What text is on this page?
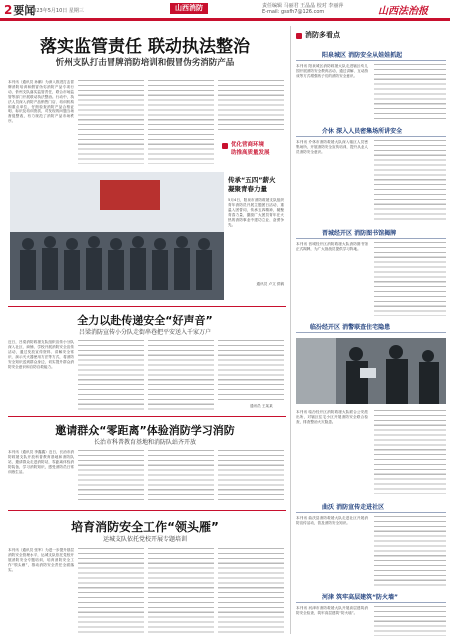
2要闻
2023年5月10日 星期三	山西消防	责任编辑 马丽君 王晶晶 校对 李丽萍
E-mail: gssfh7@126.com	山西法治报
落实监管责任 联动执法整治
忻州支队打击冒牌消防培训和假冒伪劣消防产品
本刊讯（通讯员 孙鹏）为深入推进打击冒牌消防培训和假冒伪劣消防产品专项行动，忻州支队落实监管责任，联合市场监管等部门开展联动执法整治。行动中，执法人员深入消防产品销售门店、培训机构和重点单位，仔细检查消防产品合格证明、标识及培训资质，对发现的问题当场督促整改，有力规范了消防产品市场秩序。
优化营商环境
助推高质量发展
传承“五四”薪火
凝聚青春力量
5月4日，阳泉市消防救援支队组织青年消防员开展主题团日活动，重温入团誓词，传承五四精神，凝聚青春力量，激励广大团员青年在火热的消防事业中建功立业、奋勇争先。
通讯员 卢文 供稿
全力以赴传递安全“好声音”
吕梁消防宣传小分队走街串巷把平安送入千家万户
近日，吕梁消防救援支队组织宣传小分队深入社区、商铺、学校开展消防安全宣传活动，通过发放宣传资料、讲解安全常识、演示灭火器使用方法等方式，将消防安全知识送到群众身边，切实提升群众消防安全意识和自防自救能力。
通讯员 王某某
邀请群众“零距离”体验消防学习消防
长治市科普教育基地和消防队站齐开放
本刊讯（通讯员 李鑫鑫）近日，长治市消防救援支队开放科普教育基地和消防队站，邀请群众走进消防站，零距离体验消防装备，学习消防知识，感受消防员日常训练生活。
培育消防安全工作“领头雁”
运城支队依托党校开展专题培训
本刊讯（通讯员 张军）为进一步提升基层消防安全管理水平，运城支队依托党校开展消防安全专题培训，培育消防安全工作“领头雁”，推动消防安全责任全面落实。
消防多看点
阳泉城区 消防安全从娃娃抓起
本刊讯 阳泉城区消防救援大队走进辖区幼儿园开展消防安全教育活动，通过讲解、互动游戏等方式增强孩子们的消防安全意识。
介休 深入人员密集场所讲安全
本刊讯 介休市消防救援大队深入辖区人员密集场所，开展消防安全宣传培训，提升从业人员消防安全意识。
晋城经开区 消防图书馆揭牌
本刊讯 晋城经开区消防救援大队消防图书馆正式揭牌，为广大指战员提供学习阵地。
临汾经开区 消警联查住宅隐患
本刊讯 临汾经开区消防救援大队联合公安派出所，对辖区住宅小区开展消防安全联合检查，排查整治火灾隐患。
曲沃 消防宣传走进社区
本刊讯 曲沃县消防救援大队走进社区开展消防宣传活动，普及消防安全知识。
河津 筑牢高层建筑“防火墙”
本刊讯 河津市消防救援大队开展高层建筑消防安全检查，筑牢高层建筑“防火墙”。
